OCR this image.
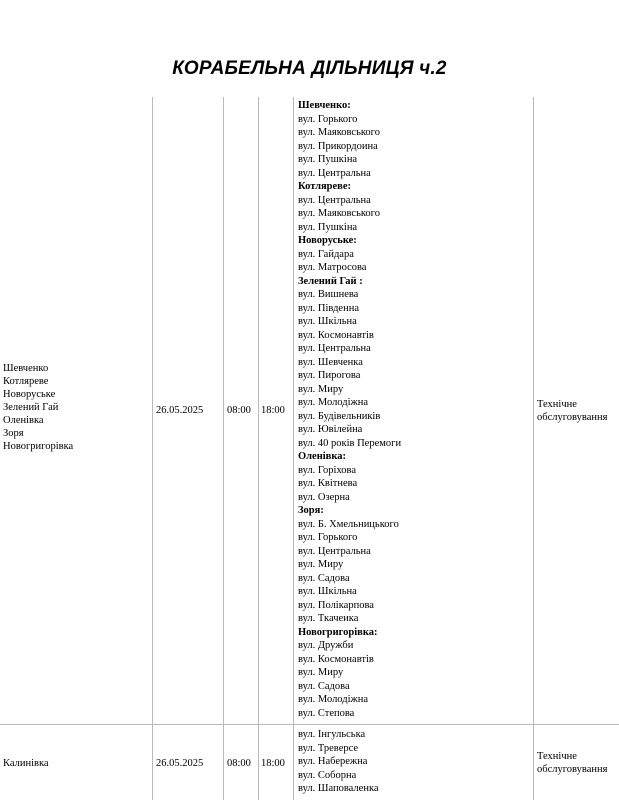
КОРАБЕЛЬНА ДІЛЬНИЦЯ ч.2
Шевченко
Котляреве
Новоруське
Зелений Гай
Оленівка
Зоря
Новогригорівка
26.05.2025 08:00 18:00
Шевченко:
вул. Горького
вул. Маяковського
вул. Прикордоина
вул. Пушкіна
вул. Центральна
Котляреве:
вул. Центральна
вул. Маяковського
вул. Пушкіна
Новоруське:
вул. Гайдара
вул. Матросова
Зелений Гай :
вул. Вишнева
вул. Південна
вул. Шкільна
вул. Космонавтів
вул. Центральна
вул. Шевченка
вул. Пирогова
вул. Миру
вул. Молодіжна
вул. Будівельників
вул. Ювілейна
вул. 40 років Перемоги
Оленівка:
вул. Горіхова
вул. Квітнева
вул. Озерна
Зоря:
вул. Б. Хмельницького
вул. Горького
вул. Центральна
вул. Миру
вул. Садова
вул. Шкільна
вул. Полікарпова
вул. Ткачеика
Новогригорівка:
вул. Дружби
вул. Космонавтів
вул. Миру
вул. Садова
вул. Молодіжна
вул. Степова
Технічне
обслуговування
Калинівка	26.05.2025 08:00 18:00
вул. Інгульська
вул. Треверсе
вул. Набережна
вул. Соборна
вул. Шаповаленка
Технічне
обслуговування
